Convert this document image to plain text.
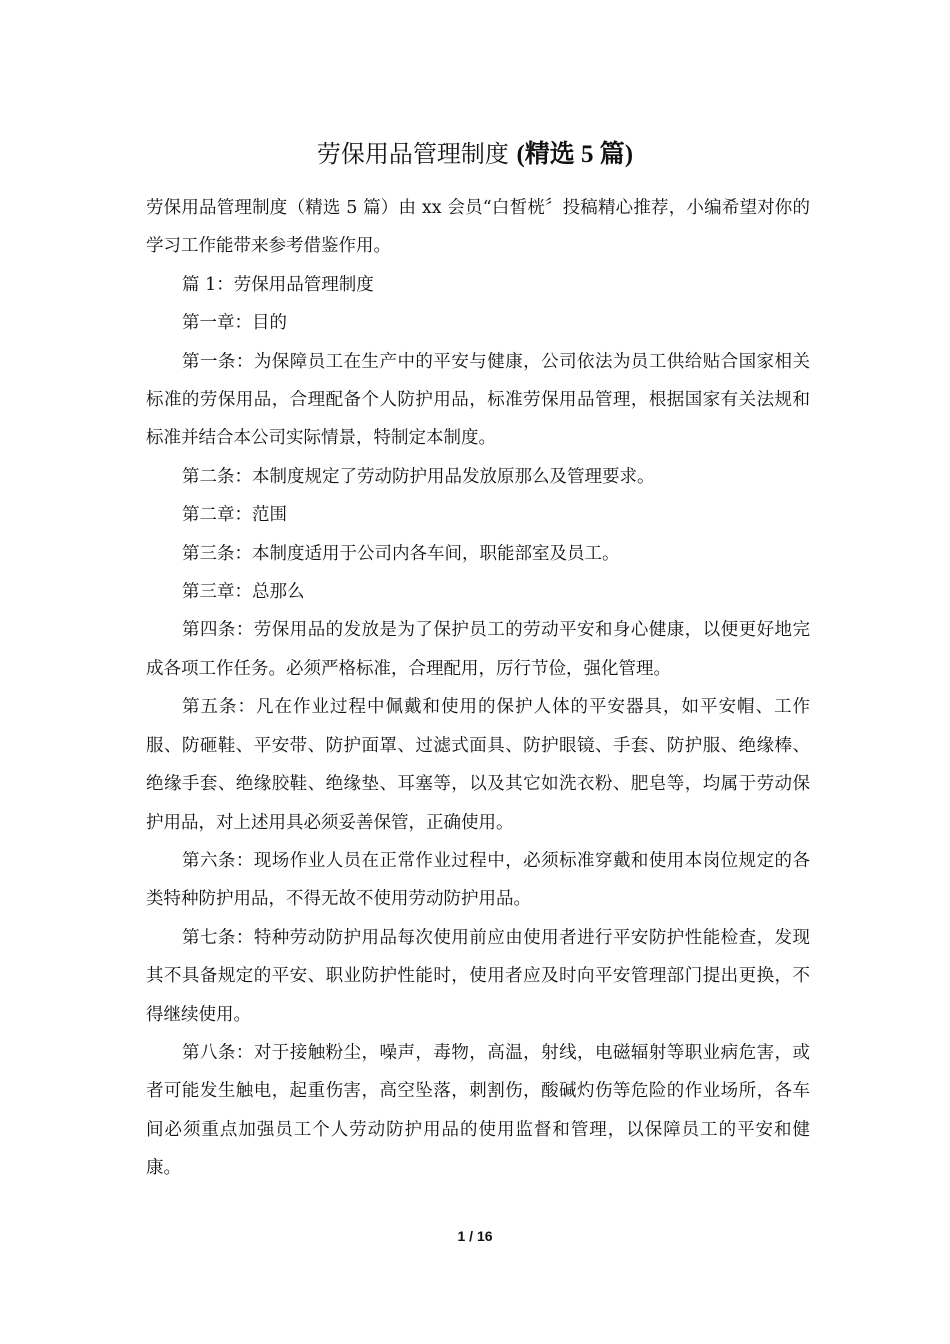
劳保用品管理制度 (精选 5 篇)

劳保用品管理制度（精选 5 篇）由 xx 会员“白皙桄〞投稿精心推荐，小编希望对你的学习工作能带来参考借鉴作用。

篇 1：劳保用品管理制度

第一章：目的

第一条：为保障员工在生产中的平安与健康，公司依法为员工供给贴合国家相关标准的劳保用品，合理配备个人防护用品，标准劳保用品管理，根据国家有关法规和标准并结合本公司实际情景，特制定本制度。

第二条：本制度规定了劳动防护用品发放原那么及管理要求。

第二章：范围

第三条：本制度适用于公司内各车间，职能部室及员工。

第三章：总那么

第四条：劳保用品的发放是为了保护员工的劳动平安和身心健康，以便更好地完成各项工作任务。必须严格标准，合理配用，厉行节俭，强化管理。

第五条：凡在作业过程中佩戴和使用的保护人体的平安器具，如平安帽、工作服、防砸鞋、平安带、防护面罩、过滤式面具、防护眼镜、手套、防护服、绝缘棒、绝缘手套、绝缘胶鞋、绝缘垫、耳塞等，以及其它如洗衣粉、肥皂等，均属于劳动保护用品，对上述用具必须妥善保管，正确使用。

第六条：现场作业人员在正常作业过程中，必须标准穿戴和使用本岗位规定的各类特种防护用品，不得无故不使用劳动防护用品。

第七条：特种劳动防护用品每次使用前应由使用者进行平安防护性能检查，发现其不具备规定的平安、职业防护性能时，使用者应及时向平安管理部门提出更换，不得继续使用。

第八条：对于接触粉尘，噪声，毒物，高温，射线，电磁辐射等职业病危害，或者可能发生触电，起重伤害，高空坠落，刺割伤，酸碱灼伤等危险的作业场所，各车间必须重点加强员工个人劳动防护用品的使用监督和管理，以保障员工的平安和健康。

1 / 16
